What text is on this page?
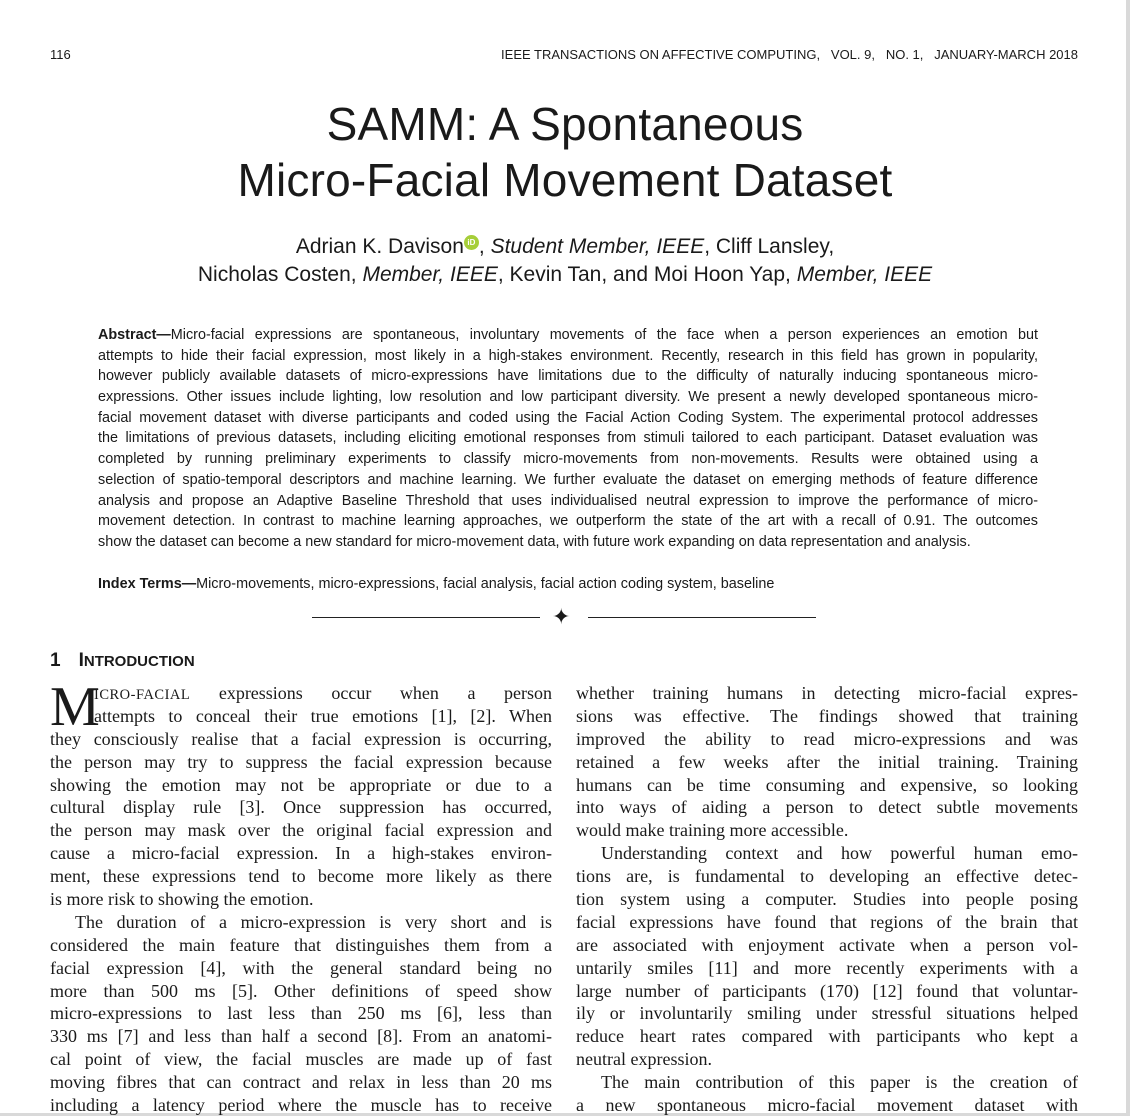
116	IEEE TRANSACTIONS ON AFFECTIVE COMPUTING,   VOL. 9,   NO. 1,   JANUARY-MARCH 2018
SAMM: A Spontaneous
Micro-Facial Movement Dataset
Adrian K. Davison iD , Student Member, IEEE, Cliff Lansley,
Nicholas Costen, Member, IEEE, Kevin Tan, and Moi Hoon Yap, Member, IEEE
Abstract—Micro-facial expressions are spontaneous, involuntary movements of the face when a person experiences an emotion but
attempts to hide their facial expression, most likely in a high-stakes environment. Recently, research in this field has grown in popularity,
however publicly available datasets of micro-expressions have limitations due to the difficulty of naturally inducing spontaneous micro-
expressions. Other issues include lighting, low resolution and low participant diversity. We present a newly developed spontaneous micro-
facial movement dataset with diverse participants and coded using the Facial Action Coding System. The experimental protocol addresses
the limitations of previous datasets, including eliciting emotional responses from stimuli tailored to each participant. Dataset evaluation was
completed by running preliminary experiments to classify micro-movements from non-movements. Results were obtained using a
selection of spatio-temporal descriptors and machine learning. We further evaluate the dataset on emerging methods of feature difference
analysis and propose an Adaptive Baseline Threshold that uses individualised neutral expression to improve the performance of micro-
movement detection. In contrast to machine learning approaches, we outperform the state of the art with a recall of 0.91. The outcomes
show the dataset can become a new standard for micro-movement data, with future work expanding on data representation and analysis.
Index Terms—Micro-movements, micro-expressions, facial analysis, facial action coding system, baseline
✦
1 INTRODUCTION
M
ICRO-FACIAL expressions occur when a person
attempts to conceal their true emotions [1], [2]. When
they consciously realise that a facial expression is occurring,
the person may try to suppress the facial expression because
showing the emotion may not be appropriate or due to a
cultural display rule [3]. Once suppression has occurred,
the person may mask over the original facial expression and
cause a micro-facial expression. In a high-stakes environ-
ment, these expressions tend to become more likely as there
is more risk to showing the emotion.
The duration of a micro-expression is very short and is
considered the main feature that distinguishes them from a
facial expression [4], with the general standard being no
more than 500 ms [5]. Other definitions of speed show
micro-expressions to last less than 250 ms [6], less than
330 ms [7] and less than half a second [8]. From an anatomi-
cal point of view, the facial muscles are made up of fast
moving fibres that can contract and relax in less than 20 ms
including a latency period where the muscle has to receive
whether training humans in detecting micro-facial expres-
sions was effective. The findings showed that training
improved the ability to read micro-expressions and was
retained a few weeks after the initial training. Training
humans can be time consuming and expensive, so looking
into ways of aiding a person to detect subtle movements
would make training more accessible.
Understanding context and how powerful human emo-
tions are, is fundamental to developing an effective detec-
tion system using a computer. Studies into people posing
facial expressions have found that regions of the brain that
are associated with enjoyment activate when a person vol-
untarily smiles [11] and more recently experiments with a
large number of participants (170) [12] found that voluntar-
ily or involuntarily smiling under stressful situations helped
reduce heart rates compared with participants who kept a
neutral expression.
The main contribution of this paper is the creation of
a new spontaneous micro-facial movement dataset with
